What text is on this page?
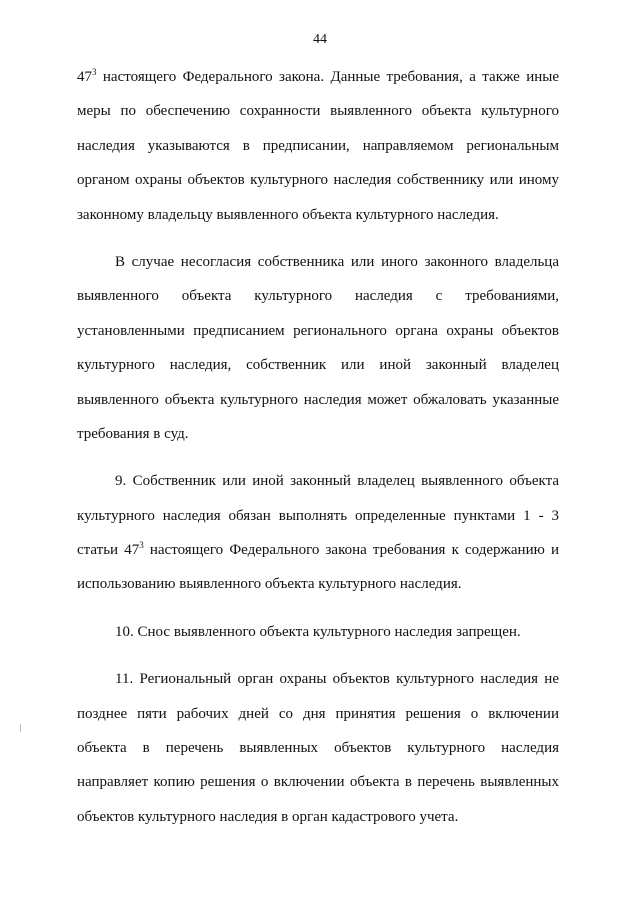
44
$47^3$ настоящего Федерального закона. Данные требования, а также иные
меры по обеспечению сохранности выявленного объекта культурного
наследия указываются в предписании, направляемом региональным
органом охраны объектов культурного наследия собственнику или иному
законному владельцу выявленного объекта культурного наследия.
В случае несогласия собственника или иного законного владельца
выявленного объекта культурного наследия с требованиями,
установленными предписанием регионального органа охраны объектов
культурного наследия, собственник или иной законный владелец
выявленного объекта культурного наследия может обжаловать указанные
требования в суд.
9. Собственник или иной законный владелец выявленного объекта
культурного наследия обязан выполнять определенные пунктами 1 - 3
статьи $47^3$ настоящего Федерального закона требования к содержанию и
использованию выявленного объекта культурного наследия.
10. Снос выявленного объекта культурного наследия запрещен.
11. Региональный орган охраны объектов культурного наследия не
позднее пяти рабочих дней со дня принятия решения о включении
объекта в перечень выявленных объектов культурного наследия
направляет копию решения о включении объекта в перечень выявленных
объектов культурного наследия в орган кадастрового учета.
